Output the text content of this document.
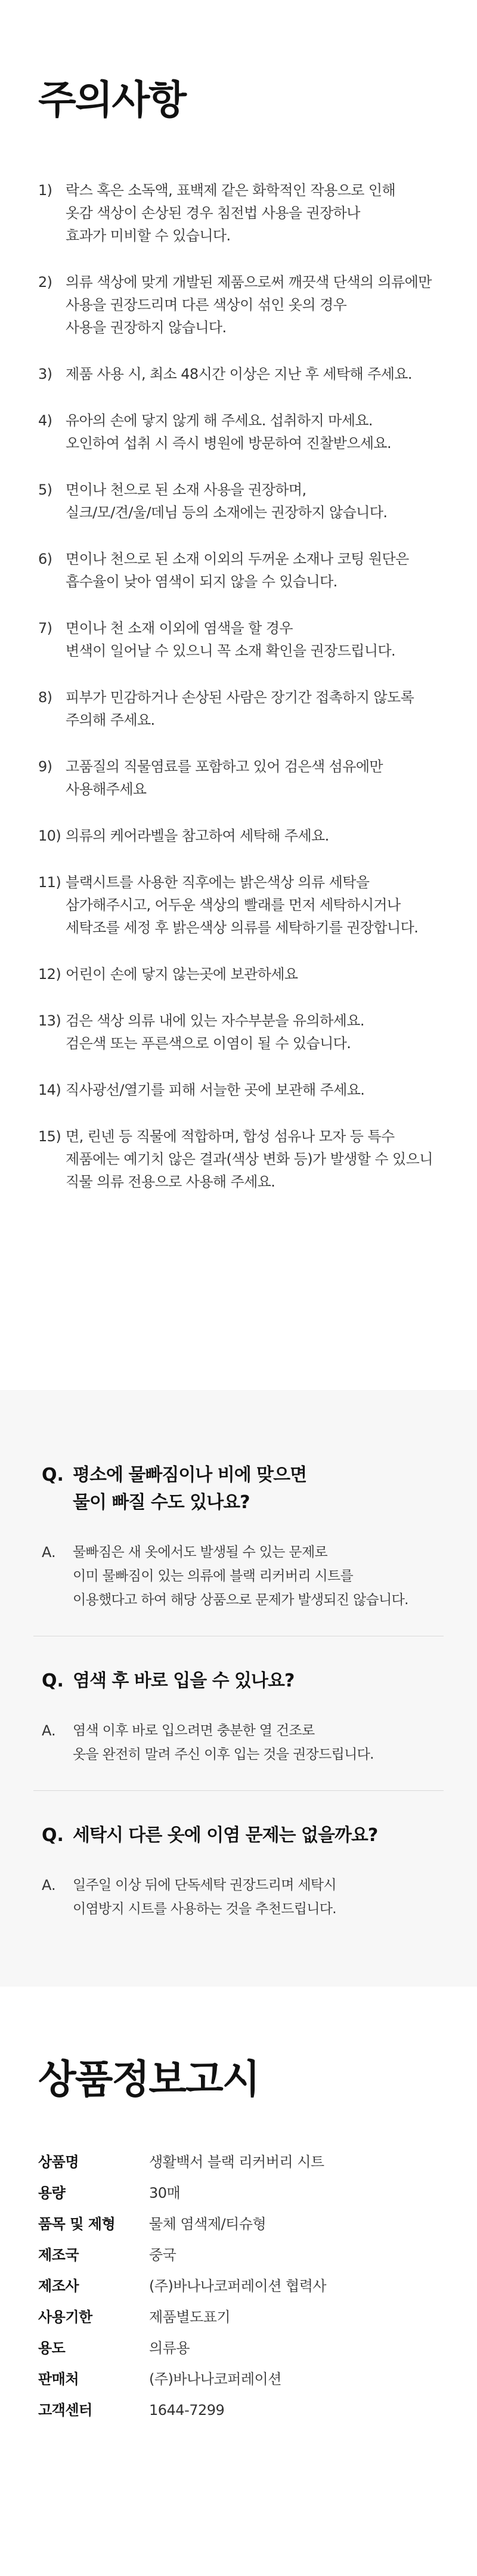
주의사항
1) 락스 혹은 소독액, 표백제 같은 화학적인 작용으로 인해
옷감 색상이 손상된 경우 침전법 사용을 권장하나
효과가 미비할 수 있습니다.
2) 의류 색상에 맞게 개발된 제품으로써 깨끗색 단색의 의류에만
사용을 권장드리며 다른 색상이 섞인 옷의 경우
사용을 권장하지 않습니다.
3) 제품 사용 시, 최소 48시간 이상은 지난 후 세탁해 주세요.
4) 유아의 손에 닿지 않게 해 주세요. 섭취하지 마세요.
오인하여 섭취 시 즉시 병원에 방문하여 진찰받으세요.
5) 면이나 천으로 된 소재 사용을 권장하며,
실크/모/견/울/데님 등의 소재에는 권장하지 않습니다.
6) 면이나 천으로 된 소재 이외의 두꺼운 소재나 코팅 원단은
흡수율이 낮아 염색이 되지 않을 수 있습니다.
7) 면이나 천 소재 이외에 염색을 할 경우
변색이 일어날 수 있으니 꼭 소재 확인을 권장드립니다.
8) 피부가 민감하거나 손상된 사람은 장기간 접촉하지 않도록
주의해 주세요.
9) 고품질의 직물염료를 포함하고 있어 검은색 섬유에만
사용해주세요
10) 의류의 케어라벨을 참고하여 세탁해 주세요.
11) 블랙시트를 사용한 직후에는 밝은색상 의류 세탁을
삼가해주시고, 어두운 색상의 빨래를 먼저 세탁하시거나
세탁조를 세정 후 밝은색상 의류를 세탁하기를 권장합니다.
12) 어린이 손에 닿지 않는곳에 보관하세요
13) 검은 색상 의류 내에 있는 자수부분을 유의하세요.
검은색 또는 푸른색으로 이염이 될 수 있습니다.
14) 직사광선/열기를 피해 서늘한 곳에 보관해 주세요.
15) 면, 린넨 등 직물에 적합하며, 합성 섬유나 모자 등 특수
제품에는 예기치 않은 결과(색상 변화 등)가 발생할 수 있으니
직물 의류 전용으로 사용해 주세요.
Q. 평소에 물빠짐이나 비에 맞으면
물이 빠질 수도 있나요?
A.	물빠짐은 새 옷에서도 발생될 수 있는 문제로
이미 물빠짐이 있는 의류에 블랙 리커버리 시트를
이용했다고 하여 해당 상품으로 문제가 발생되진 않습니다.
Q. 염색 후 바로 입을 수 있나요?
A.	염색 이후 바로 입으려면 충분한 열 건조로
옷을 완전히 말려 주신 이후 입는 것을 권장드립니다.
Q. 세탁시 다른 옷에 이염 문제는 없을까요?
A.	일주일 이상 뒤에 단독세탁 권장드리며 세탁시
이염방지 시트를 사용하는 것을 추천드립니다.
상품정보고시
상품명	생활백서 블랙 리커버리 시트
용량	30매
품목 및 제형	물체 염색제/티슈형
제조국	중국
제조사	(주)바나나코퍼레이션 협력사
사용기한	제품별도표기
용도	의류용
판매처	(주)바나나코퍼레이션
고객센터	1644-7299
